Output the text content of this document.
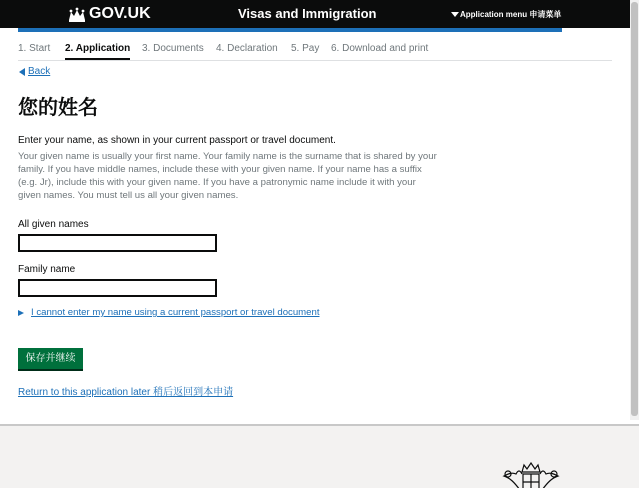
GOV.UK	Visas and Immigration	Application menu 申请菜单
1. Start 2. Application 3. Documents 4. Declaration 5. Pay 6. Download and print
Back
您的姓名

Enter your name, as shown in your current passport or travel document.

Your given name is usually your first name. Your family name is the surname that is shared by your family. If you have middle names, include these with your given name. If your name has a suffix (e.g. Jr), include this with your given name. If you have a patronymic name include it with your given names. You must tell us all your given names.

All given names
Family name
I cannot enter my name using a current passport or travel document
保存并继续
Return to this application later 稍后返回到本申请
